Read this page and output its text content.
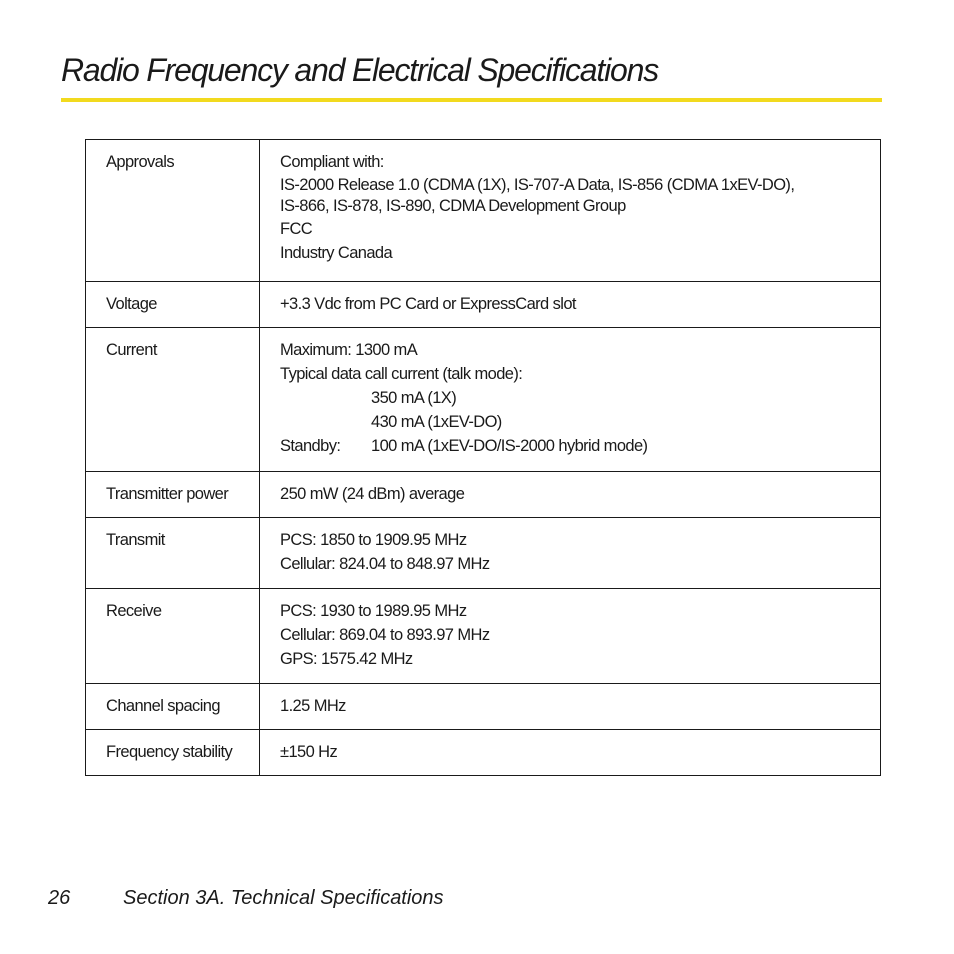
Radio Frequency and Electrical Specifications
Approvals	Compliant with:
IS-2000 Release 1.0 (CDMA (1X), IS-707-A Data, IS-856 (CDMA 1xEV-DO),
IS-866, IS-878, IS-890, CDMA Development Group
FCC
Industry Canada

Voltage	+3.3 Vdc from PC Card or ExpressCard slot

Current	Maximum: 1300 mA
Typical data call current (talk mode):
350 mA (1X)
430 mA (1xEV-DO)
Standby: 100 mA (1xEV-DO/IS-2000 hybrid mode)

Transmitter power	250 mW (24 dBm) average

Transmit	PCS: 1850 to 1909.95 MHz
Cellular: 824.04 to 848.97 MHz

Receive	PCS: 1930 to 1989.95 MHz
Cellular: 869.04 to 893.97 MHz
GPS: 1575.42 MHz

Channel spacing	1.25 MHz

Frequency stability	±150 Hz
26	Section 3A. Technical Specifications
